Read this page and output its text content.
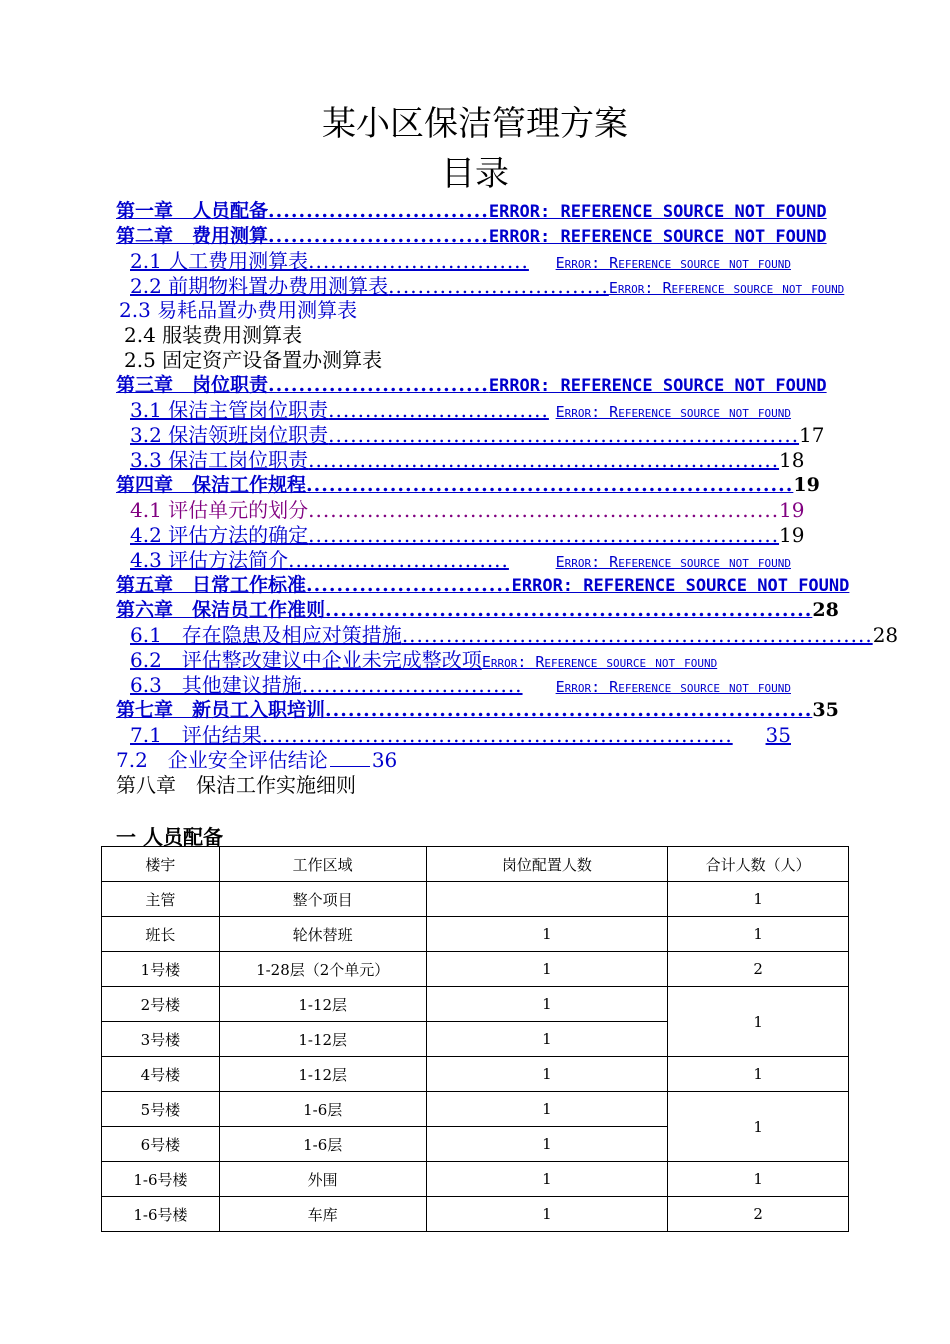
某小区保洁管理方案
目录
第一章　人员配备 ............................. ERROR: REFERENCE SOURCE NOT FOUND
第二章　费用测算 ............................. ERROR: REFERENCE SOURCE NOT FOUND
2.1 人工费用测算表 ..............................	Error: Reference source not found
2.2 前期物料置办费用测算表 .............................. Error: Reference source not found
2.3 易耗品置办费用测算表
2.4 服装费用测算表
2.5 固定资产设备置办测算表
第三章　岗位职责 ............................. ERROR: REFERENCE SOURCE NOT FOUND
3.1 保洁主管岗位职责 .............................. Error: Reference source not found
3.2 保洁领班岗位职责 ................................................................ 17
3.3 保洁工岗位职责 ................................................................ 18
第四章　保洁工作规程 ................................................................ 19
4.1 评估单元的划分 ................................................................ 19
4.2 评估方法的确定 ................................................................ 19
4.3 评估方法简介 ..............................	Error: Reference source not found
第五章　日常工作标准 ........................... ERROR: REFERENCE SOURCE NOT FOUND
第六章　保洁员工作准则 ................................................................ 28
6.1　存在隐患及相应对策措施 ................................................................ 28
6.2　评估整改建议中企业未完成整改项 Error: Reference source not found
6.3　其他建议措施 ..............................	Error: Reference source not found
第七章　新员工入职培训 ................................................................ 35
7.1　评估结果 ................................................................	35
7.2　企业安全评估结论 36
第八章　保洁工作实施细则
一 人员配备
楼宇	工作区域	岗位配置人数	合计人数（人）
主管	整个项目		1
班长	轮休替班	1	1
1号楼	1-28层（2个单元）	1	2
2号楼	1-12层	1	1
3号楼	1-12层	1	
4号楼	1-12层	1	1
5号楼	1-6层	1	1
6号楼	1-6层	1	
1-6号楼	外围	1	1
1-6号楼	车库	1	2
